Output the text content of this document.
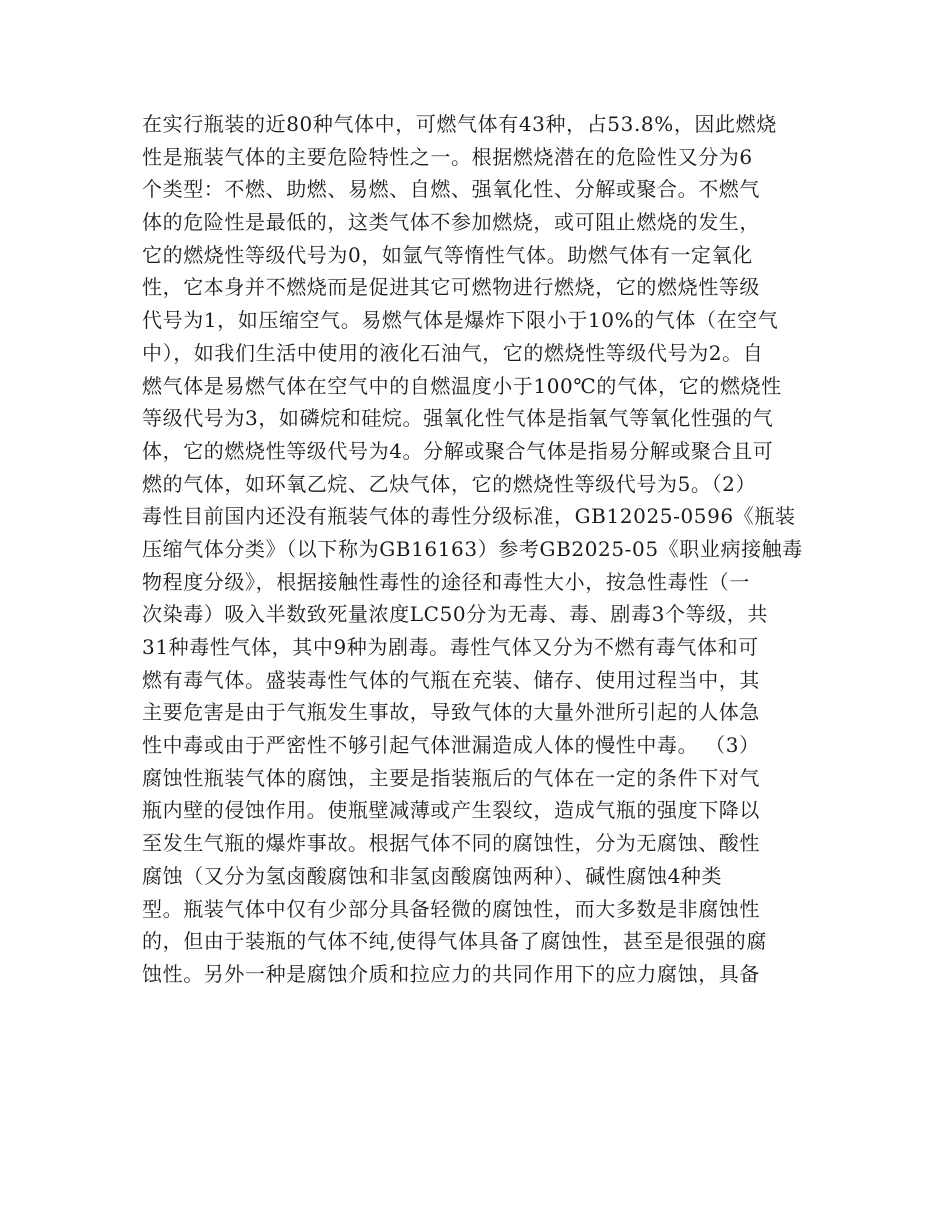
在实行瓶装的近80种气体中，可燃气体有43种，占53.8%，因此燃烧
性是瓶装气体的主要危险特性之一。根据燃烧潜在的危险性又分为6
个类型：不燃、助燃、易燃、自燃、强氧化性、分解或聚合。不燃气
体的危险性是最低的，这类气体不参加燃烧，或可阻止燃烧的发生，
它的燃烧性等级代号为0，如氩气等惰性气体。助燃气体有一定氧化
性，它本身并不燃烧而是促进其它可燃物进行燃烧，它的燃烧性等级
代号为1，如压缩空气。易燃气体是爆炸下限小于10%的气体（在空气
中），如我们生活中使用的液化石油气，它的燃烧性等级代号为2。自
燃气体是易燃气体在空气中的自燃温度小于100℃的气体，它的燃烧性
等级代号为3，如磷烷和硅烷。强氧化性气体是指氧气等氧化性强的气
体，它的燃烧性等级代号为4。分解或聚合气体是指易分解或聚合且可
燃的气体，如环氧乙烷、乙炔气体，它的燃烧性等级代号为5。（2）
毒性目前国内还没有瓶装气体的毒性分级标准，GB12025-0596《瓶装
压缩气体分类》（以下称为GB16163）参考GB2025-05《职业病接触毒
物程度分级》，根据接触性毒性的途径和毒性大小，按急性毒性（一
次染毒）吸入半数致死量浓度LC50分为无毒、毒、剧毒3个等级，共
31种毒性气体，其中9种为剧毒。毒性气体又分为不燃有毒气体和可
燃有毒气体。盛装毒性气体的气瓶在充装、储存、使用过程当中，其
主要危害是由于气瓶发生事故，导致气体的大量外泄所引起的人体急
性中毒或由于严密性不够引起气体泄漏造成人体的慢性中毒。 （3）
腐蚀性瓶装气体的腐蚀，主要是指装瓶后的气体在一定的条件下对气
瓶内壁的侵蚀作用。使瓶壁减薄或产生裂纹，造成气瓶的强度下降以
至发生气瓶的爆炸事故。根据气体不同的腐蚀性，分为无腐蚀、酸性
腐蚀（又分为氢卤酸腐蚀和非氢卤酸腐蚀两种）、碱性腐蚀4种类
型。瓶装气体中仅有少部分具备轻微的腐蚀性，而大多数是非腐蚀性
的，但由于装瓶的气体不纯,使得气体具备了腐蚀性，甚至是很强的腐
蚀性。另外一种是腐蚀介质和拉应力的共同作用下的应力腐蚀，具备
